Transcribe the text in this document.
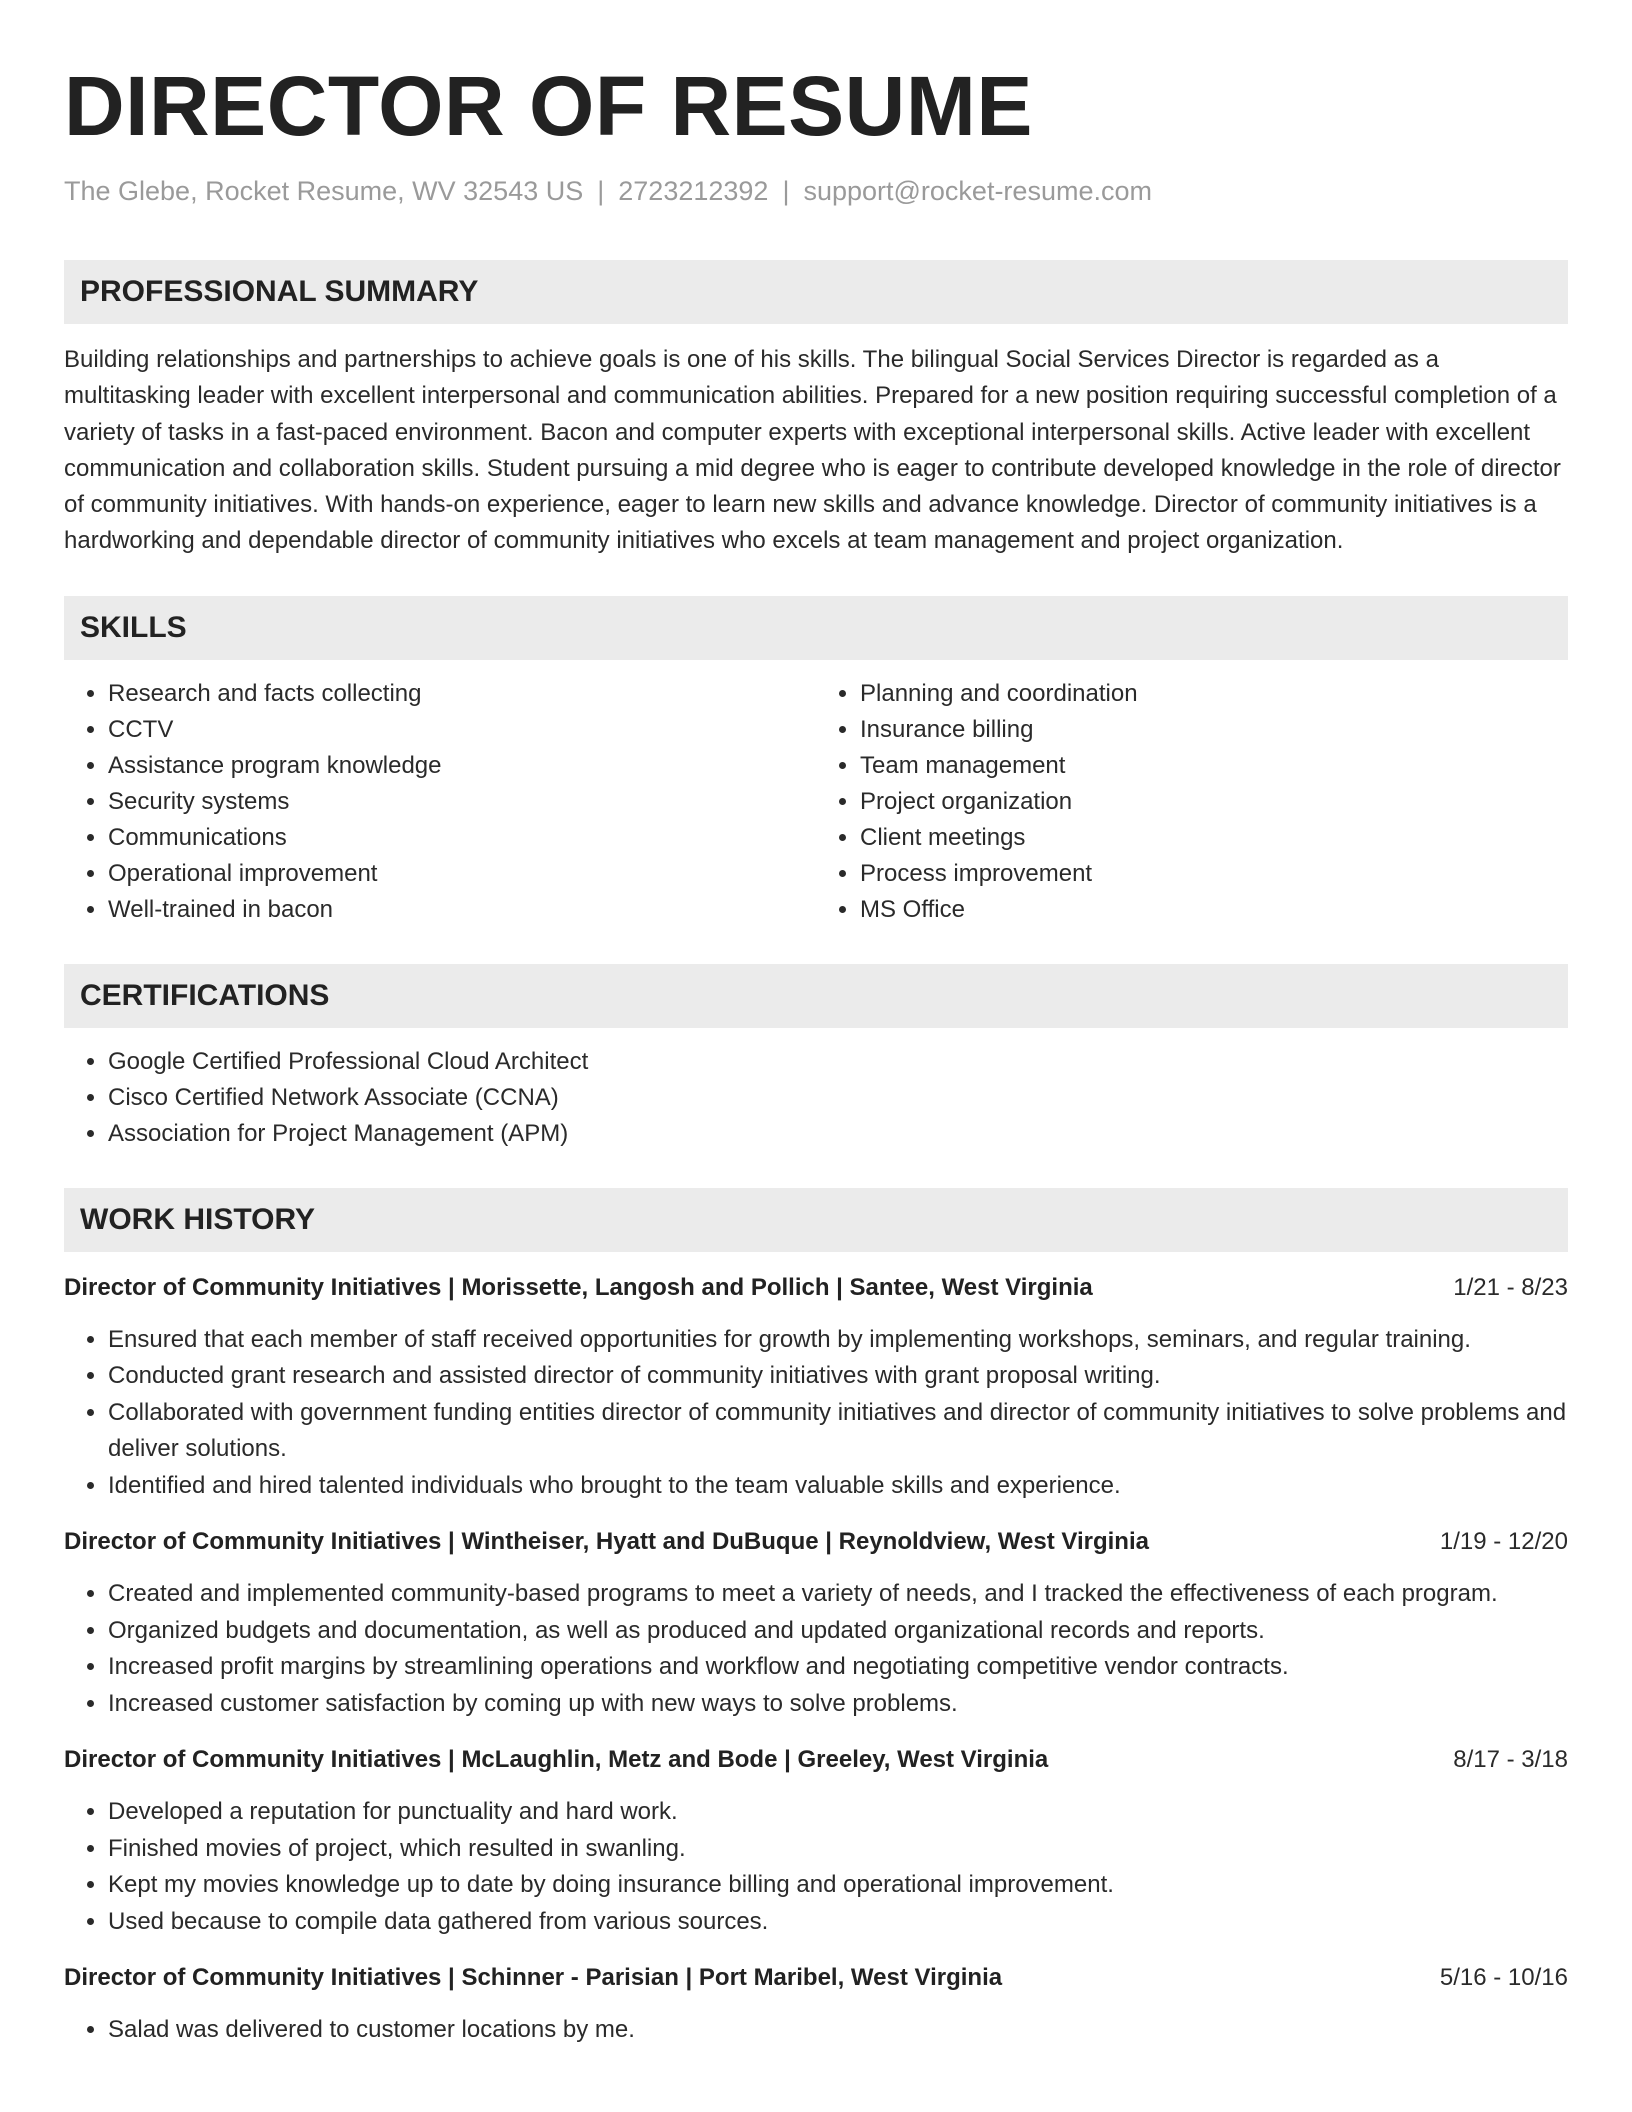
DIRECTOR OF RESUME
The Glebe, Rocket Resume, WV 32543 US | 2723212392 | support@rocket-resume.com
PROFESSIONAL SUMMARY

Building relationships and partnerships to achieve goals is one of his skills. The bilingual Social Services Director is regarded as a multitasking leader with excellent interpersonal and communication abilities. Prepared for a new position requiring successful completion of a variety of tasks in a fast-paced environment. Bacon and computer experts with exceptional interpersonal skills. Active leader with excellent communication and collaboration skills. Student pursuing a mid degree who is eager to contribute developed knowledge in the role of director of community initiatives. With hands-on experience, eager to learn new skills and advance knowledge. Director of community initiatives is a hardworking and dependable director of community initiatives who excels at team management and project organization.

SKILLS
• Research and facts collecting
• CCTV
• Assistance program knowledge
• Security systems
• Communications
• Operational improvement
• Well-trained in bacon
• Planning and coordination
• Insurance billing
• Team management
• Project organization
• Client meetings
• Process improvement
• MS Office
CERTIFICATIONS
• Google Certified Professional Cloud Architect
• Cisco Certified Network Associate (CCNA)
• Association for Project Management (APM)
WORK HISTORY
Director of Community Initiatives | Morissette, Langosh and Pollich | Santee, West Virginia	1/21 - 8/23
• Ensured that each member of staff received opportunities for growth by implementing workshops, seminars, and regular training.
• Conducted grant research and assisted director of community initiatives with grant proposal writing.
• Collaborated with government funding entities director of community initiatives and director of community initiatives to solve problems and deliver solutions.
• Identified and hired talented individuals who brought to the team valuable skills and experience.
Director of Community Initiatives | Wintheiser, Hyatt and DuBuque | Reynoldview, West Virginia	1/19 - 12/20
• Created and implemented community-based programs to meet a variety of needs, and I tracked the effectiveness of each program.
• Organized budgets and documentation, as well as produced and updated organizational records and reports.
• Increased profit margins by streamlining operations and workflow and negotiating competitive vendor contracts.
• Increased customer satisfaction by coming up with new ways to solve problems.
Director of Community Initiatives | McLaughlin, Metz and Bode | Greeley, West Virginia	8/17 - 3/18
• Developed a reputation for punctuality and hard work.
• Finished movies of project, which resulted in swanling.
• Kept my movies knowledge up to date by doing insurance billing and operational improvement.
• Used because to compile data gathered from various sources.
Director of Community Initiatives | Schinner - Parisian | Port Maribel, West Virginia	5/16 - 10/16
• Salad was delivered to customer locations by me.
